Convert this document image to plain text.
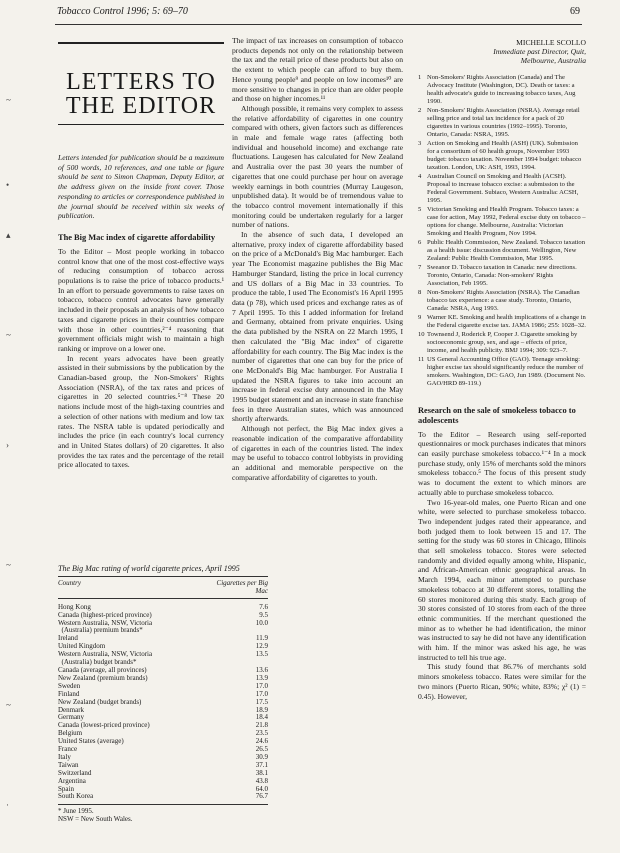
Tobacco Control 1996; 5: 69–70	69
~
•
▴
~
›
~
~
·
LETTERS TO
THE EDITOR
Letters intended for publication should be a maximum of 500 words, 10 references, and one table or figure should be sent to Simon Chapman, Deputy Editor, at the address given on the inside front cover. Those responding to articles or correspondence published in the journal should be received within six weeks of publication.
The Big Mac index of cigarette affordability

To the Editor – Most people working in tobacco control know that one of the most cost-effective ways of reducing consumption of tobacco across populations is to raise the price of tobacco products.¹ In an effort to persuade governments to raise taxes on tobacco, tobacco control advocates have generally included in their proposals an analysis of how tobacco taxes and cigarette prices in their countries compare with those in other countries,²⁻⁴ reasoning that government officials might wish to maintain a high ranking or improve on a lower one.

In recent years advocates have been greatly assisted in their submissions by the publication by the Canadian-based group, the Non-Smokers' Rights Association (NSRA), of the tax rates and prices of cigarettes in 20 selected countries.⁵⁻⁸ These 20 nations include most of the high-taxing countries and a selection of other nations with medium and low tax rates. The NSRA table is updated periodically and includes the price (in each country's local currency and in United States dollars) of 20 cigarettes. It also provides the tax rates and the percentage of the retail price allocated to taxes.

The impact of tax increases on consumption of tobacco products depends not only on the relationship between the tax and the retail price of these products but also on the extent to which people can afford to buy them. Hence young people⁹ and people on low incomes¹⁰ are more sensitive to changes in price than are older people and those on higher incomes.¹¹

Although possible, it remains very complex to assess the relative affordability of cigarettes in one country compared with others, given factors such as differences in male and female wage rates (affecting both individual and household income) and exchange rate fluctuations. Laugesen has calculated for New Zealand and Australia over the past 30 years the number of cigarettes that one could purchase per hour on average weekly earnings in both countries (Murray Laugeson, unpublished data). It would be of tremendous value to the tobacco control movement internationally if this monitoring could be undertaken regularly for a larger number of nations.

In the absence of such data, I developed an alternative, proxy index of cigarette affordability based on the price of a McDonald's Big Mac hamburger. Each year The Economist magazine publishes the Big Mac Hamburger Standard, listing the price in local currency and US dollars of a Big Mac in 33 countries. To produce the table, I used The Economist's 16 April 1995 data (p 78), which used prices and exchange rates as of 7 April 1995. To this I added information for Ireland and Germany, obtained from private enquiries. Using the data published by the NSRA on 22 March 1995, I then calculated the "Big Mac index" of cigarette affordability for each country. The Big Mac index is the number of cigarettes that one can buy for the price of one McDonald's Big Mac hamburger. For Australia I updated the NSRA figures to take into account an increase in federal excise duty announced in the May 1995 budget statement and an increase in state franchise fees in three Australian states, which was announced shortly afterwards.

Although not perfect, the Big Mac index gives a reasonable indication of the comparative affordability of cigarettes in each of the countries listed. The index may be useful to tobacco control lobbyists in providing an additional and memorable perspective on the comparative affordability of cigarettes to youth.

MICHELLE SCOLLO
Immediate past Director, Quit,
Melbourne, Australia
1 Non-Smokers' Rights Association (Canada) and The Advocacy Institute (Washington, DC). Death or taxes: a health advocate's guide to increasing tobacco taxes, Aug 1990.
2 Non-Smokers' Rights Association (NSRA). Average retail selling price and total tax incidence for a pack of 20 cigarettes in various countries (1992–1995). Toronto, Ontario, Canada: NSRA, 1995.
3 Action on Smoking and Health (ASH) (UK). Submission for a consortium of 60 health groups, November 1993 budget: tobacco taxation. November 1994 budget: tobacco taxation. London, UK: ASH, 1993, 1994.
4 Australian Council on Smoking and Health (ACSH). Proposal to increase tobacco excise: a submission to the Federal Government. Subiaco, Western Australia: ACSH, 1995.
5 Victorian Smoking and Health Program. Tobacco taxes: a case for action, May 1992, Federal excise duty on tobacco – options for change. Melbourne, Australia: Victorian Smoking and Health Program, Nov 1994.
6 Public Health Commission, New Zealand. Tobacco taxation as a health issue: discussion document. Wellington, New Zealand: Public Health Commission, Mar 1995.
7 Sweanor D. Tobacco taxation in Canada: new directions. Toronto, Ontario, Canada: Non-smokers' Rights Association, Feb 1995.
8 Non-Smokers' Rights Association (NSRA). The Canadian tobacco tax experience: a case study. Toronto, Ontario, Canada: NSRA, Aug 1993.
9 Warner KE. Smoking and health implications of a change in the Federal cigarette excise tax. JAMA 1986; 255: 1028–32.
10 Townsend J, Roderick P, Cooper J. Cigarette smoking by socioeconomic group, sex, and age – effects of price, income, and health publicity. BMJ 1994; 309: 923–7.
11 US General Accounting Office (GAO). Teenage smoking: higher excise tax should significantly reduce the number of smokers. Washington, DC: GAO, Jun 1989. (Document No. GAO/HRD 89-119.)
Research on the sale of smokeless tobacco to adolescents

To the Editor – Research using self-reported questionnaires or mock purchases indicates that minors can easily purchase smokeless tobacco.¹⁻⁴ In a mock purchase study, only 15% of merchants sold the minors smokeless tobacco.⁵ The focus of this present study was to document the extent to which minors are actually able to purchase smokeless tobacco.

Two 16-year-old males, one Puerto Rican and one white, were selected to purchase smokeless tobacco. Two independent judges rated their appearance, and both judged them to look between 15 and 17. The setting for the study was 60 stores in Chicago, Illinois that sell smokeless tobacco. Stores were selected randomly and divided equally among white, Hispanic, and African-American ethnic geographical areas. In March 1994, each minor attempted to purchase smokeless tobacco at 30 different stores, totalling the 60 stores monitored during this study. Each group of 30 stores consisted of 10 stores from each of the three ethnic communities. If the merchant questioned the minor as to whether he had identification, the minor was instructed to say he did not have any identification with him. If the minor was asked his age, he was instructed to tell his true age.

This study found that 86.7% of merchants sold minors smokeless tobacco. Rates were similar for the two minors (Puerto Rican, 90%; white, 83%; χ² (1) = 0.45). However,

The Big Mac rating of world cigarette prices, April 1995
Country	Cigarettes per Big Mac
Hong Kong	7.6
Canada (highest-priced province)	9.5
Western Australia, NSW, Victoria	10.0
(Australia) premium brands*
Ireland	11.9
United Kingdom	12.9
Western Australia, NSW, Victoria	13.5
(Australia) budget brands*
Canada (average, all provinces)	13.6
New Zealand (premium brands)	13.9
Sweden	17.0
Finland	17.0
New Zealand (budget brands)	17.5
Denmark	18.9
Germany	18.4
Canada (lowest-priced province)	21.8
Belgium	23.5
United States (average)	24.6
France	26.5
Italy	30.9
Taiwan	37.1
Switzerland	38.1
Argentina	43.8
Spain	64.0
South Korea	76.7
* June 1995.
NSW = New South Wales.
